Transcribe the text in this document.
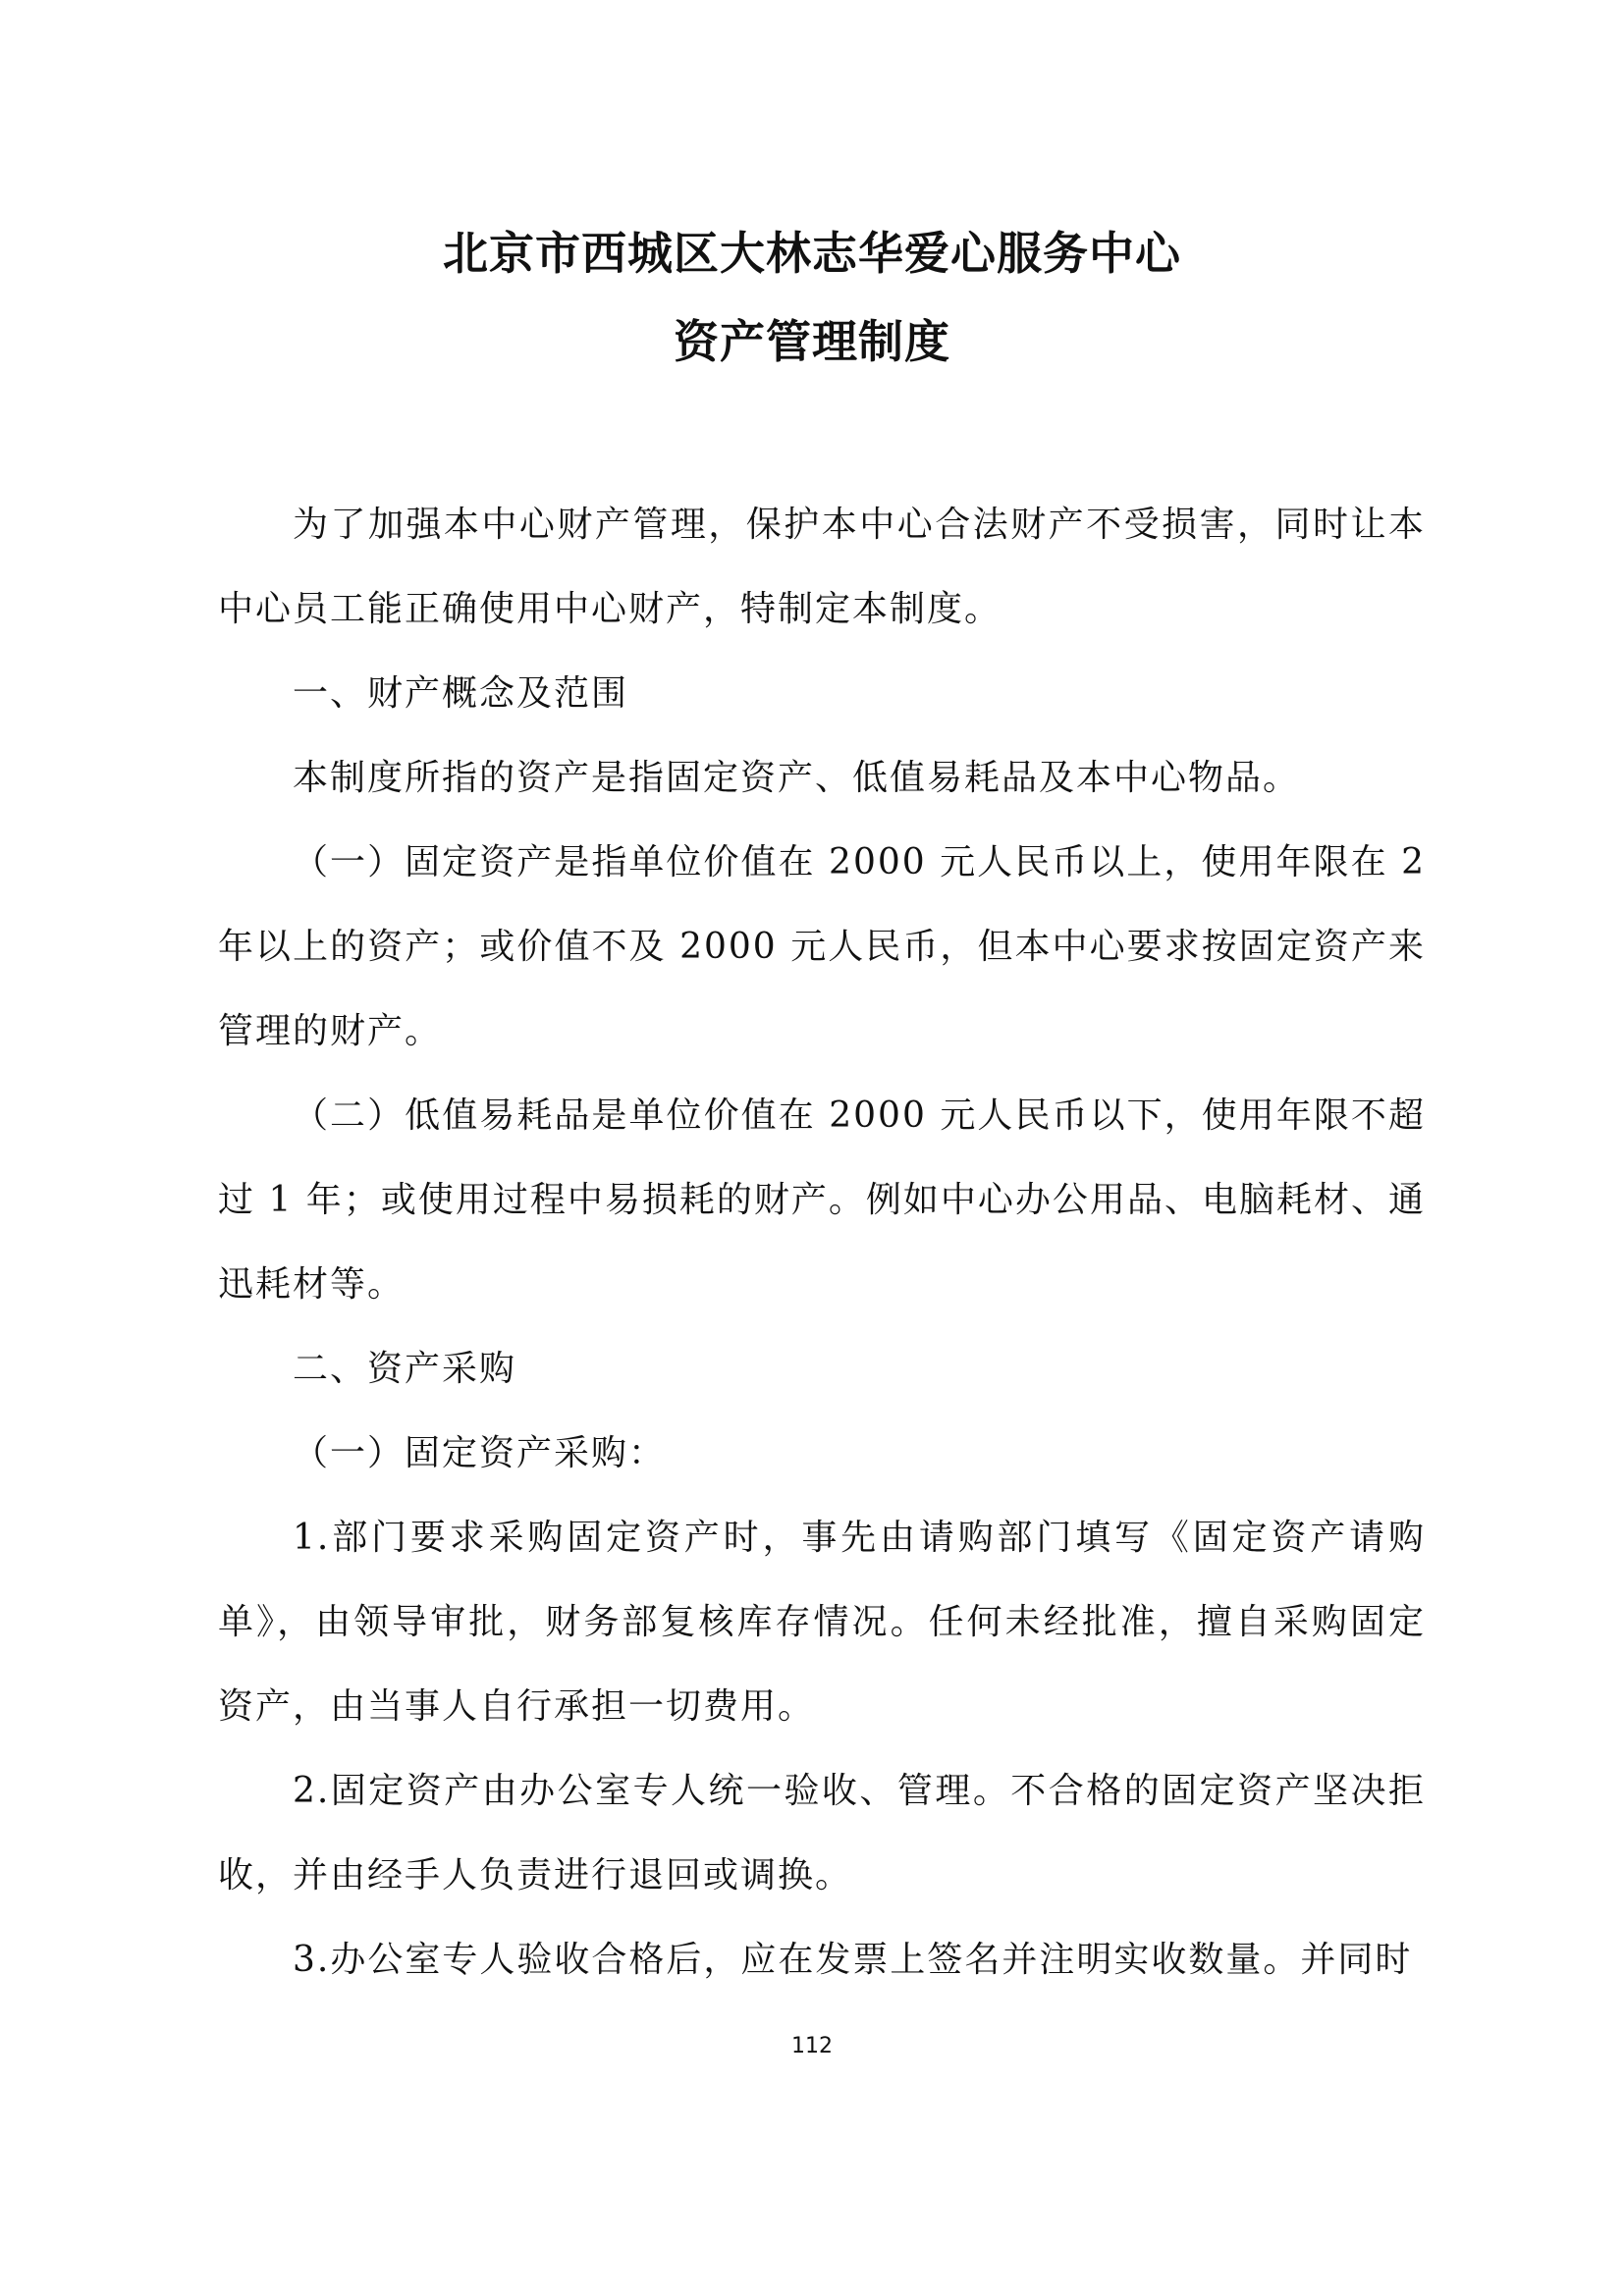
北京市西城区大林志华爱心服务中心
资产管理制度

为了加强本中心财产管理，保护本中心合法财产不受损害，同时让本中心员工能正确使用中心财产，特制定本制度。

一、财产概念及范围

本制度所指的资产是指固定资产、低值易耗品及本中心物品。

（一）固定资产是指单位价值在 2000 元人民币以上，使用年限在 2 年以上的资产；或价值不及 2000 元人民币，但本中心要求按固定资产来管理的财产。

（二）低值易耗品是单位价值在 2000 元人民币以下，使用年限不超过 1 年；或使用过程中易损耗的财产。例如中心办公用品、电脑耗材、通迅耗材等。

二、资产采购

（一）固定资产采购：

1.部门要求采购固定资产时，事先由请购部门填写《固定资产请购单》，由领导审批，财务部复核库存情况。任何未经批准，擅自采购固定资产，由当事人自行承担一切费用。

2.固定资产由办公室专人统一验收、管理。不合格的固定资产坚决拒收，并由经手人负责进行退回或调换。

3.办公室专人验收合格后，应在发票上签名并注明实收数量。并同时

112
